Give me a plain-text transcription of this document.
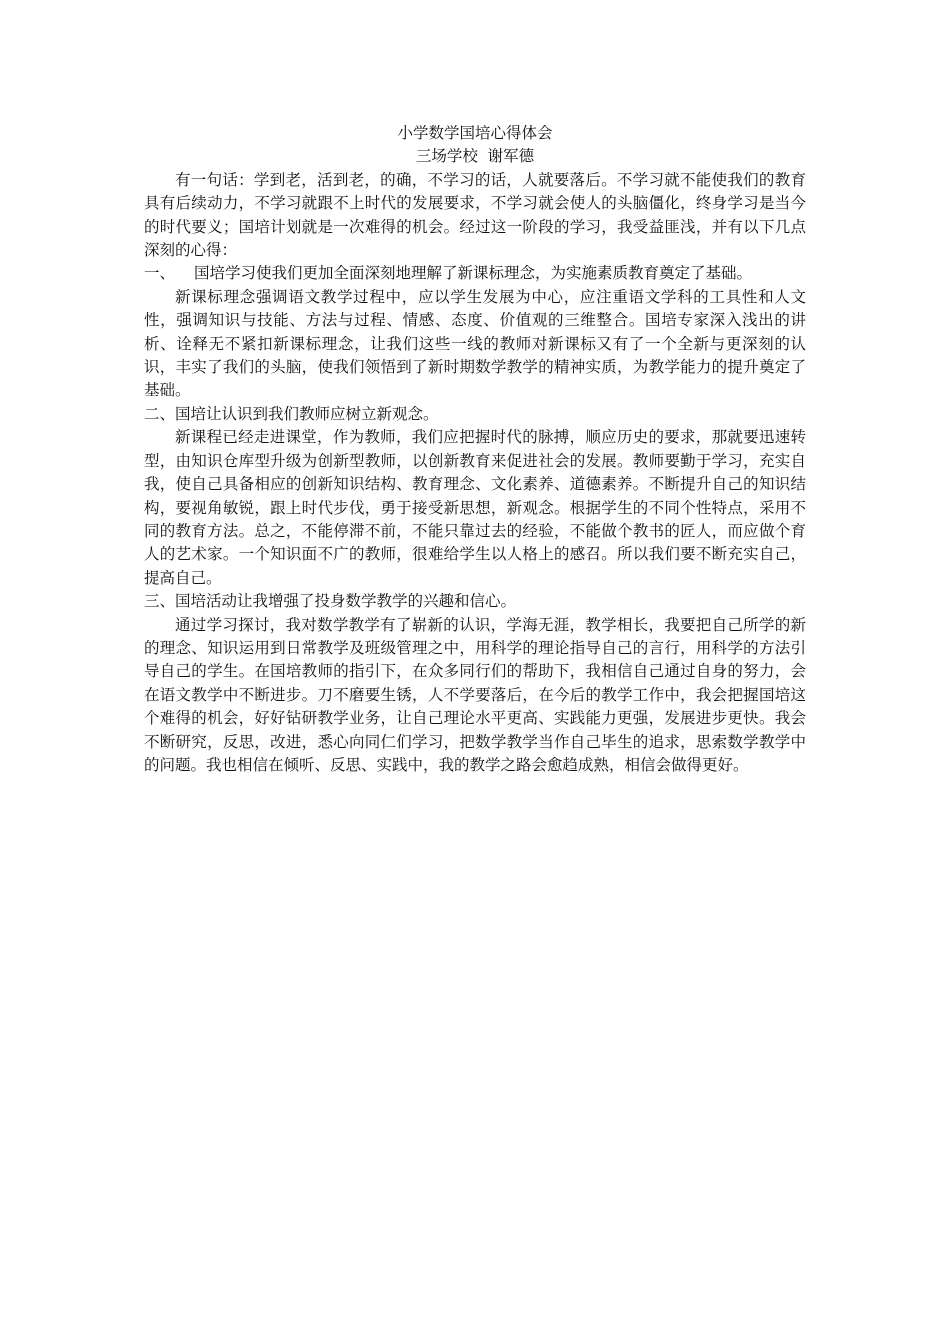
小学数学国培心得体会

三场学校  谢军德

有一句话：学到老，活到老，的确，不学习的话，人就要落后。不学习就不能使我们的教育具有后续动力，不学习就跟不上时代的发展要求，不学习就会使人的头脑僵化，终身学习是当今的时代要义；国培计划就是一次难得的机会。经过这一阶段的学习，我受益匪浅，并有以下几点深刻的心得：

一、 国培学习使我们更加全面深刻地理解了新课标理念，为实施素质教育奠定了基础。

新课标理念强调语文教学过程中，应以学生发展为中心，应注重语文学科的工具性和人文性，强调知识与技能、方法与过程、情感、态度、价值观的三维整合。国培专家深入浅出的讲析、诠释无不紧扣新课标理念，让我们这些一线的教师对新课标又有了一个全新与更深刻的认识，丰实了我们的头脑，使我们领悟到了新时期数学教学的精神实质，为教学能力的提升奠定了基础。

二、国培让认识到我们教师应树立新观念。

新课程已经走进课堂，作为教师，我们应把握时代的脉搏，顺应历史的要求，那就要迅速转型，由知识仓库型升级为创新型教师，以创新教育来促进社会的发展。教师要勤于学习，充实自我，使自己具备相应的创新知识结构、教育理念、文化素养、道德素养。不断提升自己的知识结构，要视角敏锐，跟上时代步伐，勇于接受新思想，新观念。根据学生的不同个性特点，采用不同的教育方法。总之，不能停滞不前，不能只靠过去的经验，不能做个教书的匠人，而应做个育人的艺术家。一个知识面不广的教师，很难给学生以人格上的感召。所以我们要不断充实自己，提高自己。

三、国培活动让我增强了投身数学教学的兴趣和信心。

通过学习探讨，我对数学教学有了崭新的认识，学海无涯，教学相长，我要把自己所学的新的理念、知识运用到日常教学及班级管理之中，用科学的理论指导自己的言行，用科学的方法引导自己的学生。在国培教师的指引下，在众多同行们的帮助下，我相信自己通过自身的努力，会在语文教学中不断进步。刀不磨要生锈，人不学要落后，在今后的教学工作中，我会把握国培这个难得的机会，好好钻研教学业务，让自己理论水平更高、实践能力更强，发展进步更快。我会不断研究，反思，改进，悉心向同仁们学习，把数学教学当作自己毕生的追求，思索数学教学中的问题。我也相信在倾听、反思、实践中，我的教学之路会愈趋成熟，相信会做得更好。
